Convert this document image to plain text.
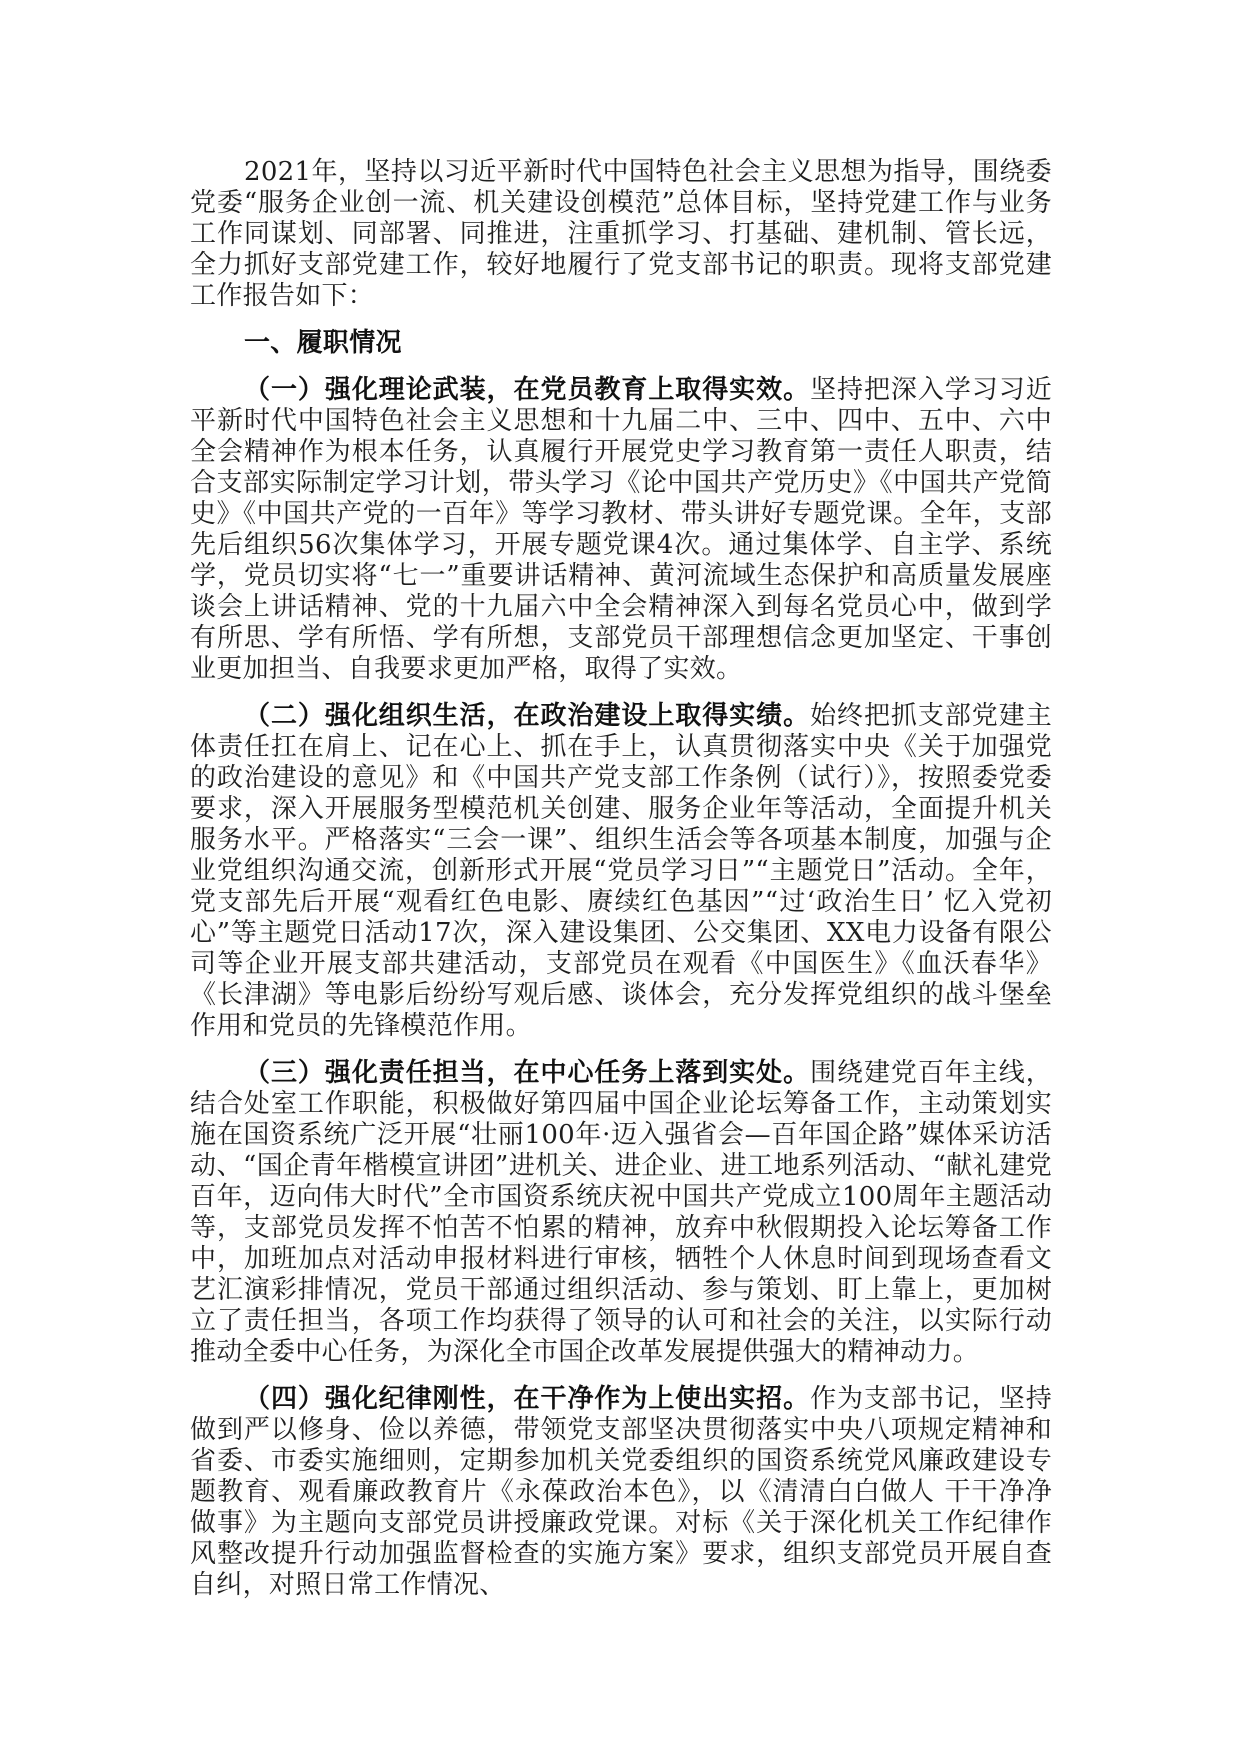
2021年，坚持以习近平新时代中国特色社会主义思想为指导，围绕委党委“服务企业创一流、机关建设创模范”总体目标，坚持党建工作与业务工作同谋划、同部署、同推进，注重抓学习、打基础、建机制、管长远，全力抓好支部党建工作，较好地履行了党支部书记的职责。现将支部党建工作报告如下：

一、履职情况

（一）强化理论武装，在党员教育上取得实效。坚持把深入学习习近平新时代中国特色社会主义思想和十九届二中、三中、四中、五中、六中全会精神作为根本任务，认真履行开展党史学习教育第一责任人职责，结合支部实际制定学习计划，带头学习《论中国共产党历史》《中国共产党简史》《中国共产党的一百年》等学习教材、带头讲好专题党课。全年，支部先后组织56次集体学习，开展专题党课4次。通过集体学、自主学、系统学，党员切实将“七一”重要讲话精神、黄河流域生态保护和高质量发展座谈会上讲话精神、党的十九届六中全会精神深入到每名党员心中，做到学有所思、学有所悟、学有所想，支部党员干部理想信念更加坚定、干事创业更加担当、自我要求更加严格，取得了实效。

（二）强化组织生活，在政治建设上取得实绩。始终把抓支部党建主体责任扛在肩上、记在心上、抓在手上，认真贯彻落实中央《关于加强党的政治建设的意见》和《中国共产党支部工作条例（试行）》，按照委党委要求，深入开展服务型模范机关创建、服务企业年等活动，全面提升机关服务水平。严格落实“三会一课”、组织生活会等各项基本制度，加强与企业党组织沟通交流，创新形式开展“党员学习日”“主题党日”活动。全年，党支部先后开展“观看红色电影、赓续红色基因”“过‘政治生日’ 忆入党初心”等主题党日活动17次，深入建设集团、公交集团、XX电力设备有限公司等企业开展支部共建活动，支部党员在观看《中国医生》《血沃春华》《长津湖》等电影后纷纷写观后感、谈体会，充分发挥党组织的战斗堡垒作用和党员的先锋模范作用。

（三）强化责任担当，在中心任务上落到实处。围绕建党百年主线，结合处室工作职能，积极做好第四届中国企业论坛筹备工作，主动策划实施在国资系统广泛开展“壮丽100年·迈入强省会—百年国企路”媒体采访活动、“国企青年楷模宣讲团”进机关、进企业、进工地系列活动、“献礼建党百年，迈向伟大时代”全市国资系统庆祝中国共产党成立100周年主题活动等，支部党员发挥不怕苦不怕累的精神，放弃中秋假期投入论坛筹备工作中，加班加点对活动申报材料进行审核，牺牲个人休息时间到现场查看文艺汇演彩排情况，党员干部通过组织活动、参与策划、盯上靠上，更加树立了责任担当，各项工作均获得了领导的认可和社会的关注，以实际行动推动全委中心任务，为深化全市国企改革发展提供强大的精神动力。

（四）强化纪律刚性，在干净作为上使出实招。作为支部书记，坚持做到严以修身、俭以养德，带领党支部坚决贯彻落实中央八项规定精神和省委、市委实施细则，定期参加机关党委组织的国资系统党风廉政建设专题教育、观看廉政教育片《永葆政治本色》，以《清清白白做人 干干净净做事》为主题向支部党员讲授廉政党课。对标《关于深化机关工作纪律作风整改提升行动加强监督检查的实施方案》要求，组织支部党员开展自查自纠，对照日常工作情况、
